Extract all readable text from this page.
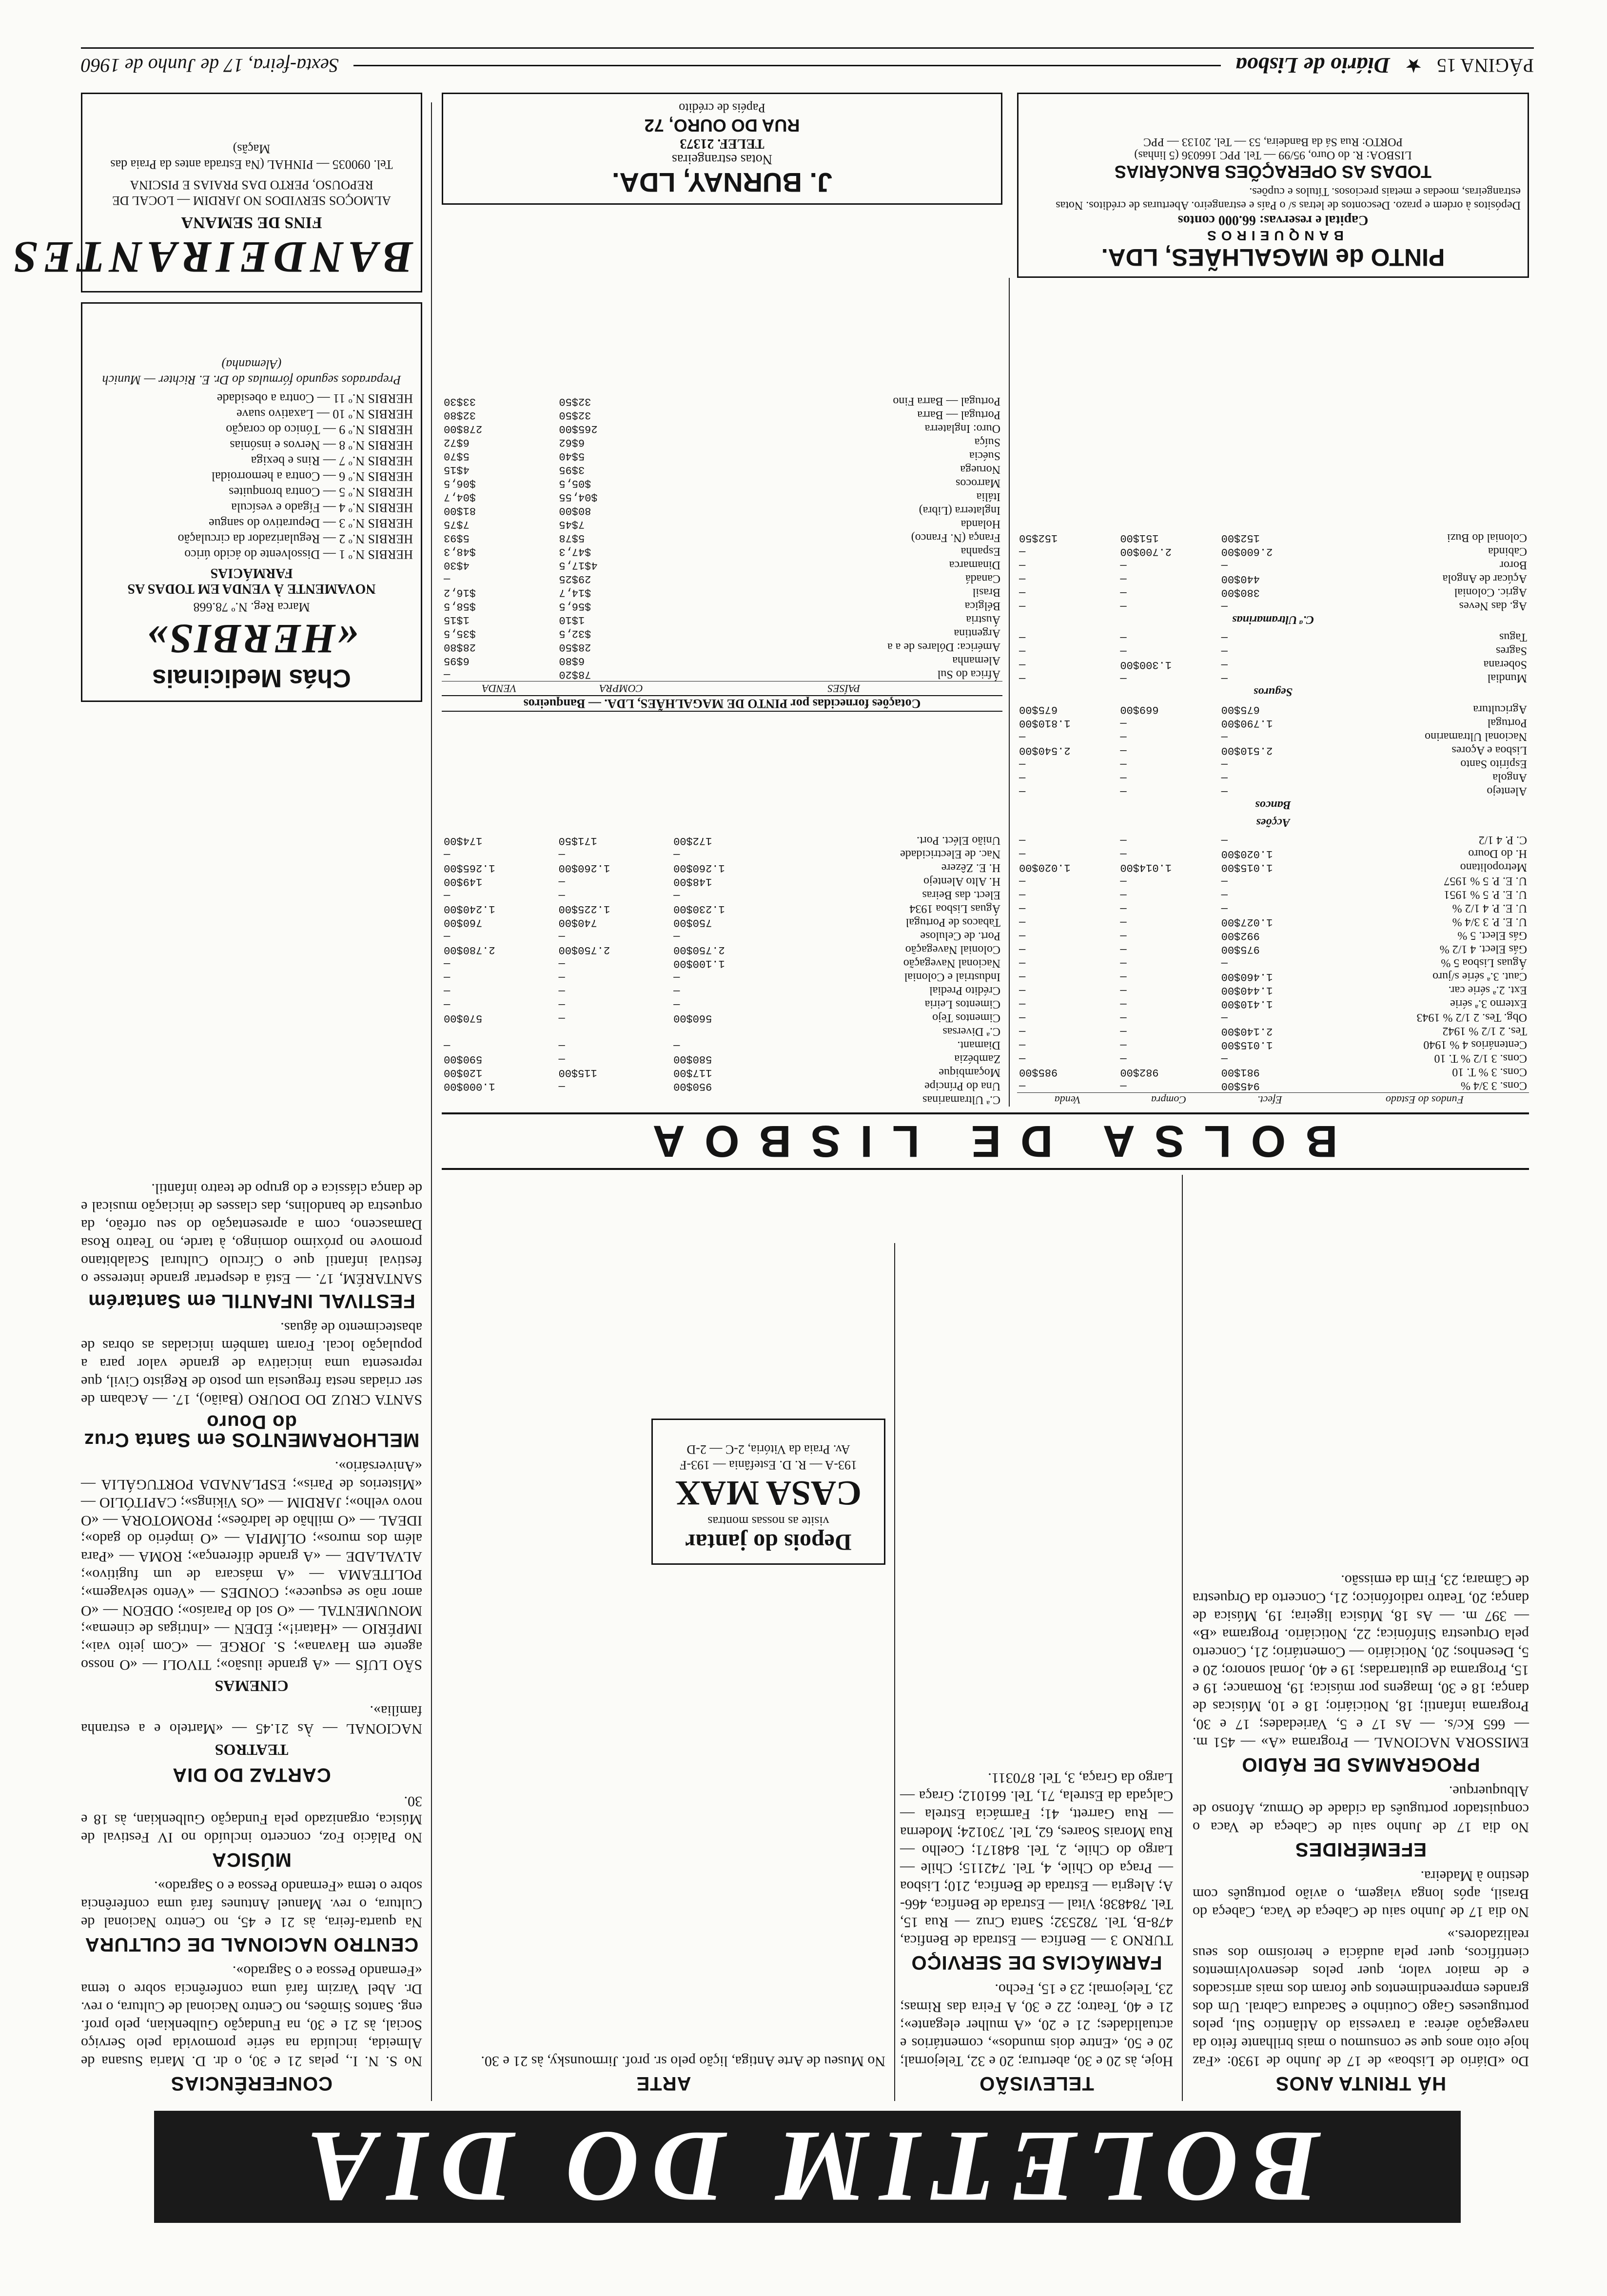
PÁGINA 15
★
Diário de Lisboa
Sexta-feira, 17 de Junho de 1960
BOLETIM DO DIA
HÁ TRINTA ANOS

Do «Diário de Lisboa» de 17 de Junho de 1930: «Faz hoje oito anos que se consumou o mais brilhante feito da navegação aérea: a travessia do Atlântico Sul, pelos portugueses Gago Coutinho e Sacadura Cabral. Um dos grandes empreendimentos que foram dos mais arriscados e de maior valor, quer pelos desenvolvimentos científicos, quer pela audácia e heroísmo dos seus realizadores.»

No dia 17 de Junho saiu de Cabeça de Vaca, Cabeça do Brasil, após longa viagem, o avião português com destino à Madeira.

EFEMÉRIDES

No dia 17 de Junho saiu de Cabeça de Vaca o conquistador português da cidade de Ormuz, Afonso de Albuquerque.

PROGRAMAS DE RÁDIO

EMISSORA NACIONAL — Programa «A» — 451 m. — 665 Kc/s. — As 17 e 5, Variedades; 17 e 30, Programa infantil; 18, Noticiário; 18 e 10, Músicas de dança; 18 e 30, Imagens por música; 19, Romance; 19 e 15, Programa de guitarradas; 19 e 40, Jornal sonoro; 20 e 5, Desenhos; 20, Noticiário — Comentário; 21, Concerto pela Orquestra Sinfónica; 22, Noticiário. Programa «B» — 397 m. — As 18, Música ligeira; 19, Música de dança; 20, Teatro radiofónico; 21, Concerto da Orquestra de Câmara; 23, Fim da emissão.

TELEVISÃO

Hoje, às 20 e 30, abertura; 20 e 32, Telejornal; 20 e 50, «Entre dois mundos», comentários e actualidades; 21 e 20, «A mulher elegante»; 21 e 40, Teatro; 22 e 30, A Feira das Rimas; 23, Telejornal; 23 e 15, Fecho.

FARMÁCIAS DE SERVIÇO

TURNO 3 — Benfica — Estrada de Benfica, 478-B, Tel. 782532; Santa Cruz — Rua 15, Tel. 784838; Vital — Estrada de Benfica, 466-A; Alegria — Estrada de Benfica, 210; Lisboa — Praça do Chile, 4, Tel. 742115; Chile — Largo do Chile, 2, Tel. 848171; Coelho — Rua Morais Soares, 62, Tel. 730124; Moderna — Rua Garrett, 41; Farmácia Estrela — Calçada da Estrela, 71, Tel. 661012; Graça — Largo da Graça, 3, Tel. 870311.

CONFERÊNCIAS

No S. N. I., pelas 21 e 30, o dr. D. Maria Susana de Almeida, incluída na série promovida pelo Serviço Social, às 21 e 30, na Fundação Gulbenkian, pelo prof. eng. Santos Simões, no Centro Nacional de Cultura, o rev. Dr. Abel Varzim fará uma conferência sobre o tema «Fernando Pessoa e o Sagrado».

CENTRO NACIONAL DE CULTURA

Na quarta-feira, às 21 e 45, no Centro Nacional de Cultura, o rev. Manuel Antunes fará uma conferência sobre o tema «Fernando Pessoa e o Sagrado».

MÚSICA

No Palácio Foz, concerto incluído no IV Festival de Música, organizado pela Fundação Gulbenkian, às 18 e 30.

CARTAZ DO DIA
TEATROS

NACIONAL — Às 21.45 — «Martelo e a estranha família».

CINEMAS

SÃO LUÍS — «A grande ilusão»; TIVOLI — «O nosso agente em Havana»; S. JORGE — «Com jeito vai»; IMPÉRIO — «Hatari!»; ÉDEN — «Intrigas de cinema»; MONUMENTAL — «O sol do Paraíso»; ODEON — «O amor não se esquece»; CONDES — «Vento selvagem»; POLITEAMA — «A máscara de um fugitivo»; ALVALADE — «A grande diferença»; ROMA — «Para além dos muros»; OLÍMPIA — «O império do gado»; IDEAL — «O milhão de ladrões»; PROMOTORA — «O novo velho»; JARDIM — «Os Vikings»; CAPITÓLIO — «Misterios de Paris»; ESPLANADA PORTUGÁLIA — «Aniversário».

MELHORAMENTOS em Santa Cruz do Douro

SANTA CRUZ DO DOURO (Baião), 17. — Acabam de ser criadas nesta freguesia um posto de Registo Civil, que representa uma iniciativa de grande valor para a população local. Foram também iniciadas as obras de abastecimento de águas.

FESTIVAL INFANTIL em Santarém

SANTARÉM, 17. — Está a despertar grande interesse o festival infantil que o Círculo Cultural Scalabitano promove no próximo domingo, à tarde, no Teatro Rosa Damasceno, com a apresentação do seu orfeão, da orquestra de bandolins, das classes de iniciação musical e de dança clássica e do grupo de teatro infantil.

ARTE

No Museu de Arte Antiga, lição pelo sr. prof. Jirmounsky, às 21 e 30.

BOLSA DE LISBOA
Fundos do Estado	Efect.	Compra	Venda
Cons. 3 3/4 %	945$00	—	—
Cons. 3 % T. 10	981$00	982$00	985$00
Cons. 3 1/2 % T. 10	—	—	—
Centenários 4 % 1940	1.015$00	—	—
Tes. 2 1/2 % 1942	2.140$00	—	—
Obg. Tes. 2 1/2 % 1943	—	—	—
Externo 3.ª série	1.410$00	—	—
Ext. 2.ª série car.	1.440$00	—	—
Caut. 3.ª série s/juro	1.460$00	—	—
Águas Lisboa 5 %	—	—	—
Gás Elect. 4 1/2 %	975$00	—	—
Gás Elect. 5 %	992$00	—	—
U. E. P. 3 3/4 %	1.027$00	—	—
U. E. P. 4 1/2 %	—	—	—
U. E. P. 5 % 1951	—	—	—
U. E. P. 5 % 1957	—	—	—
Metropolitano	1.015$00	1.014$00	1.020$00
H. do Douro	1.020$00	—	—
C. P. 4 1/2	—	—	—
Acções			
Bancos			
Alentejo	—	—	—
Angola	—	—	—
Espírito Santo	—	—	—
Lisboa e Açores	2.510$00	—	2.540$00
Nacional Ultramarino	—	—	—
Portugal	1.790$00	—	1.810$00
Agricultura	675$00	669$00	675$00
Seguros			
Mundial	—	—	—
Soberana	—	1.300$00	—
Sagres	—	—	—
Tagus	—	—	—
C.ª Ultramarinas			
Ag. das Neves	—	—	—
Agric. Colonial	380$00	—	—
Açúcar de Angola	440$00	—	—
Boror	—	—	—
Cabinda	2.600$00	2.700$00	—
Colonial do Buzi	152$00	151$00	152$50
C.ª Ultramarinas			
Una do Príncipe	950$00	—	1.000$00
Moçambique	117$00	115$00	120$00
Zambézia	580$00	—	590$00
Diamant.	—	—	—
C.ª Diversas			
Cimentos Tejo	560$00	—	570$00
Cimentos Leiria	—	—	—
Crédito Predial	—	—	—
Industrial e Colonial	—	—	—
Nacional Navegação	1.100$00	—	—
Colonial Navegação	2.750$00	2.750$00	2.780$00
Port. de Celulose	—	—	—
Tabacos de Portugal	750$00	740$00	760$00
Águas Lisboa 1934	1.230$00	1.225$00	1.240$00
Elect. das Beiras	—	—	—
H. Alto Alentejo	148$00	—	149$00
H. E. Zêzere	1.260$00	1.260$00	1.265$00
Nac. de Electricidade	—	—	—
União Eléct. Port.	172$00	171$50	174$00
PINTO de MAGALHÃES, LDA.
BANQUEIROS
Capital e reservas: 66.000 contos
Depósitos à ordem e prazo. Descontos de letras s/ o País e estrangeiro. Aberturas de créditos. Notas estrangeiras, moedas e metais preciosos. Títulos e cupões.
TODAS AS OPERAÇÕES BANCÁRIAS
LISBOA: R. do Ouro, 95/99 — Tel. PPC 166036 (5 linhas)
PORTO: Rua Sá da Bandeira, 53 — Tel. 20133 — PPC
Cotações fornecidas por PINTO DE MAGALHÃES, LDA. — Banqueiros
PAÍSES	COMPRA	VENDA
África do Sul	78$20	—
Alemanha	6$80	6$95
América: Dólares de a a	28$50	28$80
Argentina	$32,5	$35,5
Áustria	1$10	1$15
Bélgica	$56,5	$58,5
Brasil	$14,7	$16,2
Canadá	29$25	—
Dinamarca	4$17,5	4$30
Espanha	$47,3	$48,3
França (N. Franco)	5$78	5$93
Holanda	7$45	7$75
Inglaterra (Libra)	80$00	81$00
Itália	$04,55	$04,7
Marrocos	$05,5	$06,5
Noruega	3$95	4$15
Suécia	5$40	5$70
Suíça	6$62	6$72
Ouro: Inglaterra	265$00	278$00
Portugal — Barra	32$50	32$80
Portugal — Barra Fino	32$50	33$30
J. BURNAY, LDA.
Notas estrangeiras
TELEF. 21373
RUA DO OURO, 72
Papéis de crédito
Depois do jantar
visite as nossas montras
CASA MAX
193-A — R. D. Estefânia — 193-F
Av. Praia da Vitória, 2-C — 2-D
Chás Medicinais
«HERBIS»
Marca Reg. N.º 78.668
NOVAMENTE À VENDA EM TODAS AS FARMÁCIAS
HERBIS N.º 1 — Dissolvente do ácido úrico
HERBIS N.º 2 — Regularizador da circulação
HERBIS N.º 3 — Depurativo do sangue
HERBIS N.º 4 — Fígado e vesícula
HERBIS N.º 5 — Contra bronquites
HERBIS N.º 6 — Contra a hemorroidal
HERBIS N.º 7 — Rins e bexiga
HERBIS N.º 8 — Nervos e insónias
HERBIS N.º 9 — Tónico do coração
HERBIS N.º 10 — Laxativo suave
HERBIS N.º 11 — Contra a obesidade
Preparados segundo fórmulas do Dr. E. Richter — Munich (Alemanha)
BANDEIRANTES
FINS DE SEMANA
ALMOÇOS SERVIDOS NO JARDIM — LOCAL DE REPOUSO, PERTO DAS PRAIAS E PISCINA
Tel. 090035 — PINHAL (Na Estrada antes da Praia das Maçãs)
